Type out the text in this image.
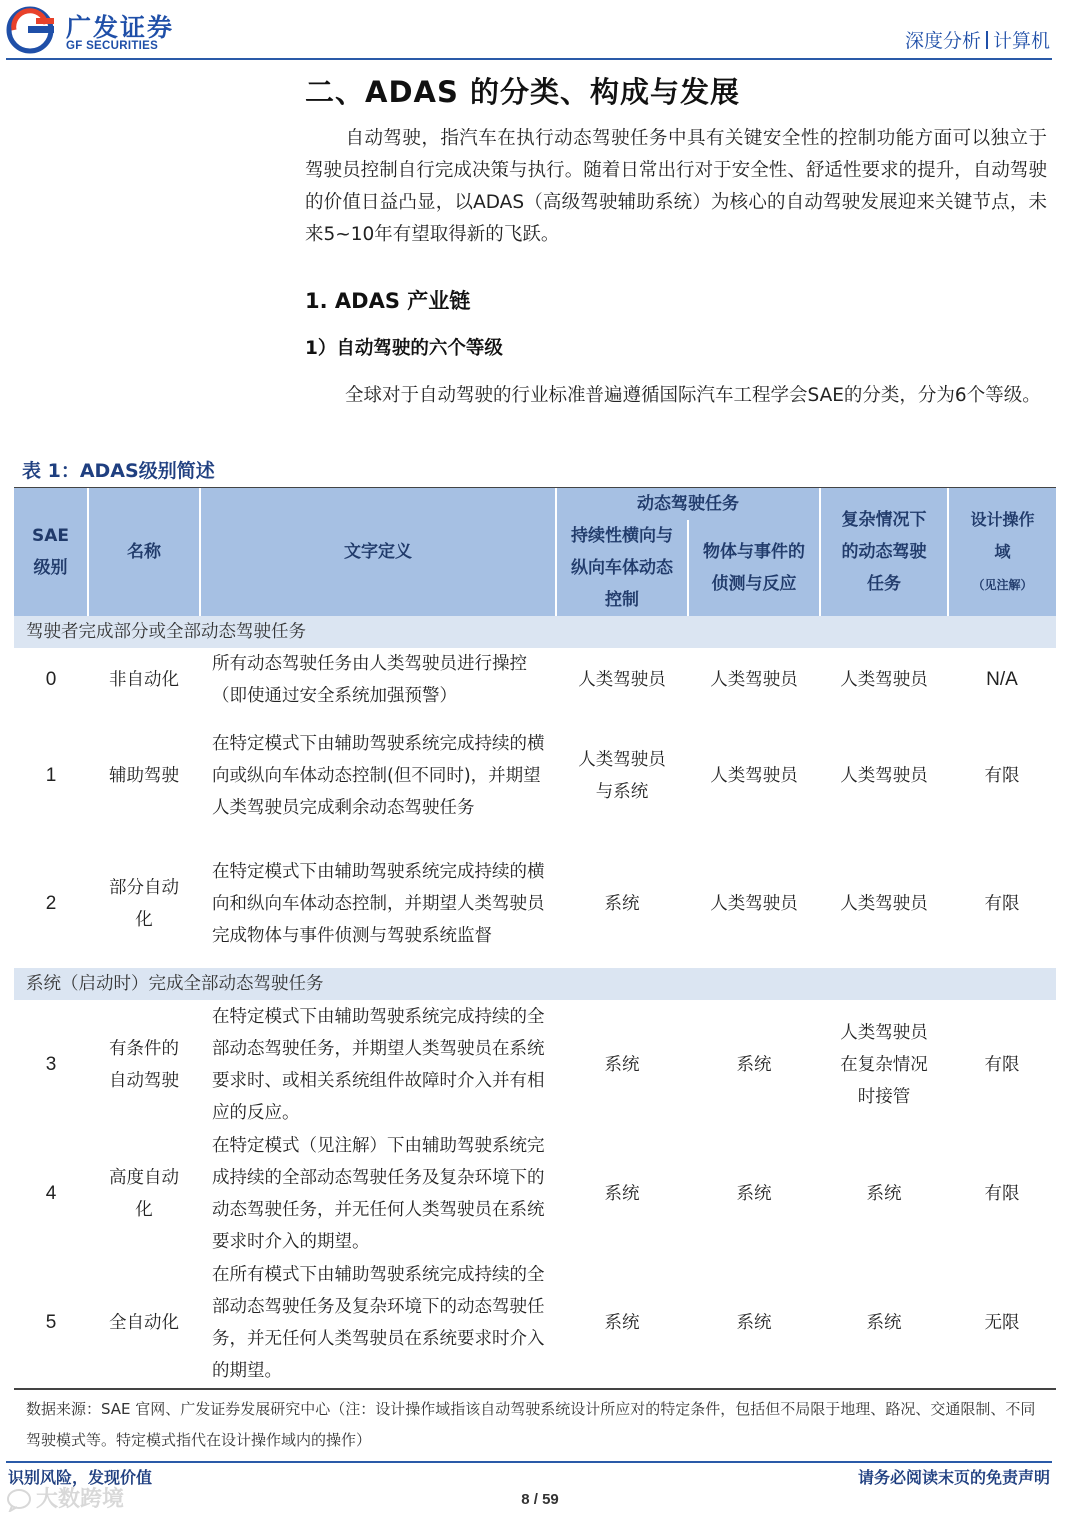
广发证券
GF SECURITIES	深度分析 计算机
二、ADAS 的分类、构成与发展

自动驾驶，指汽车在执行动态驾驶任务中具有关键安全性的控制功能方面可以独立于驾驶员控制自行完成决策与执行。随着日常出行对于安全性、舒适性要求的提升，自动驾驶的价值日益凸显，以ADAS（高级驾驶辅助系统）为核心的自动驾驶发展迎来关键节点，未来5~10年有望取得新的飞跃。

1. ADAS 产业链
1）自动驾驶的六个等级

全球对于自动驾驶的行业标准普遍遵循国际汽车工程学会SAE的分类，分为6个等级。

表 1：ADAS级别简述
SAE级别	名称	文字定义	动态驾驶任务		复杂情况下的动态驾驶任务	设计操作域（见注解）

			持续性横向与纵向车体动态控制	物体与事件的侦测与反应		

驾驶者完成部分或全部动态驾驶任务						
0	非自动化	所有动态驾驶任务由人类驾驶员进行操控（即使通过安全系统加强预警）	人类驾驶员	人类驾驶员	人类驾驶员	N/A
1	辅助驾驶	在特定模式下由辅助驾驶系统完成持续的横向或纵向车体动态控制(但不同时)，并期望人类驾驶员完成剩余动态驾驶任务	人类驾驶员与系统	人类驾驶员	人类驾驶员	有限
2	部分自动化	在特定模式下由辅助驾驶系统完成持续的横向和纵向车体动态控制，并期望人类驾驶员完成物体与事件侦测与驾驶系统监督	系统	人类驾驶员	人类驾驶员	有限
系统（启动时）完成全部动态驾驶任务						
3	有条件的自动驾驶	在特定模式下由辅助驾驶系统完成持续的全部动态驾驶任务，并期望人类驾驶员在系统要求时、或相关系统组件故障时介入并有相应的反应。	系统	系统	人类驾驶员在复杂情况时接管	有限
4	高度自动化	在特定模式（见注解）下由辅助驾驶系统完成持续的全部动态驾驶任务及复杂环境下的动态驾驶任务，并无任何人类驾驶员在系统要求时介入的期望。	系统	系统	系统	有限
5	全自动化	在所有模式下由辅助驾驶系统完成持续的全部动态驾驶任务及复杂环境下的动态驾驶任务，并无任何人类驾驶员在系统要求时介入的期望。	系统	系统	系统	无限

数据来源：SAE 官网、广发证券发展研究中心（注：设计操作域指该自动驾驶系统设计所应对的特定条件，包括但不局限于地理、路况、交通限制、不同驾驶模式等。特定模式指代在设计操作域内的操作）

识别风险，发现价值	请务必阅读末页的免责声明
大数跨境	8 / 59
